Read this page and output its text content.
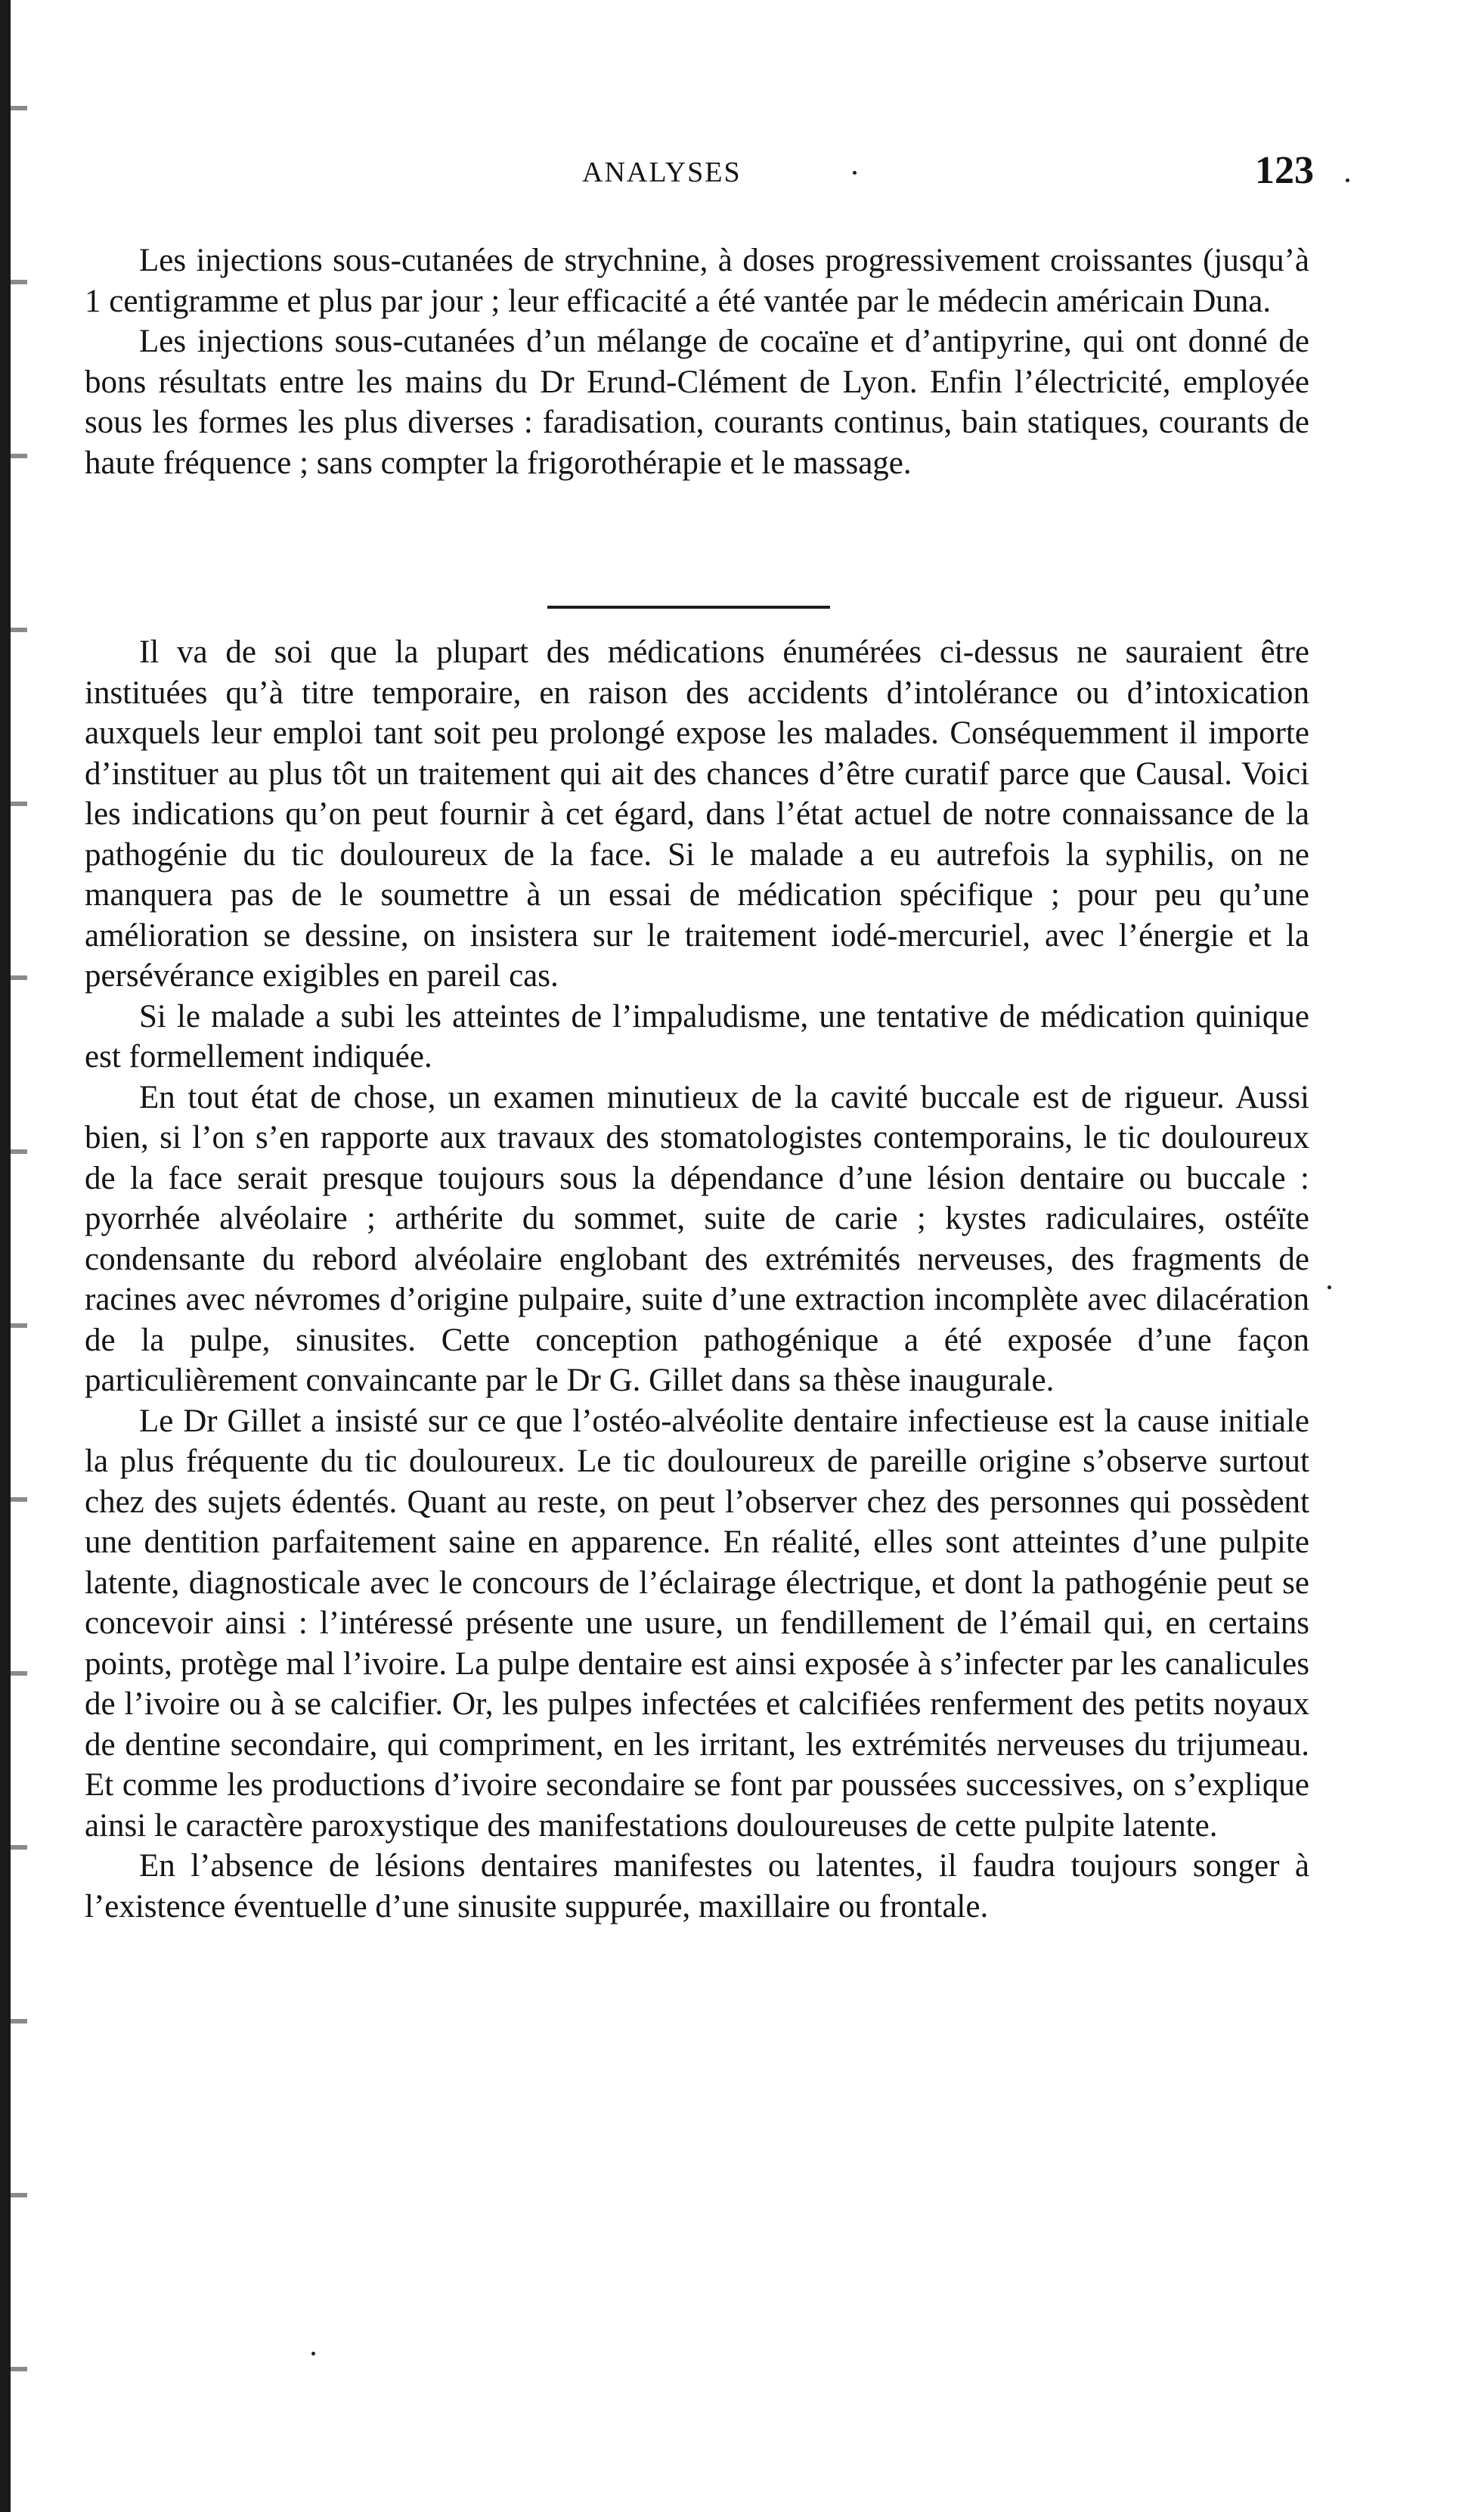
ANALYSES	123

Les injections sous-cutanées de strychnine, à doses progressivement croissantes (jusqu’à 1 centigramme et plus par jour ; leur efficacité a été vantée par le médecin américain Duna.

Les injections sous-cutanées d’un mélange de cocaïne et d’antipyrine, qui ont donné de bons résultats entre les mains du Dr Erund-Clément de Lyon. Enfin l’électricité, employée sous les formes les plus diverses : faradisation, courants continus, bain statiques, courants de haute fréquence ; sans compter la frigorothérapie et le massage.

Il va de soi que la plupart des médications énumérées ci-dessus ne sauraient être instituées qu’à titre temporaire, en raison des accidents d’intolérance ou d’intoxication auxquels leur emploi tant soit peu prolongé expose les malades. Conséquemment il importe d’instituer au plus tôt un traitement qui ait des chances d’être curatif parce que Causal. Voici les indications qu’on peut fournir à cet égard, dans l’état actuel de notre connaissance de la pathogénie du tic douloureux de la face. Si le malade a eu autrefois la syphilis, on ne manquera pas de le soumettre à un essai de médication spécifique ; pour peu qu’une amélioration se dessine, on insistera sur le traitement iodé-mercuriel, avec l’énergie et la persévérance exigibles en pareil cas.

Si le malade a subi les atteintes de l’impaludisme, une tentative de médication quinique est formellement indiquée.

En tout état de chose, un examen minutieux de la cavité buccale est de rigueur. Aussi bien, si l’on s’en rapporte aux travaux des stomatologistes contemporains, le tic douloureux de la face serait presque toujours sous la dépendance d’une lésion dentaire ou buccale : pyorrhée alvéolaire ; arthérite du sommet, suite de carie ; kystes radiculaires, ostéïte condensante du rebord alvéolaire englobant des extrémités nerveuses, des fragments de racines avec névromes d’origine pulpaire, suite d’une extraction incomplète avec dilacération de la pulpe, sinusites. Cette conception pathogénique a été exposée d’une façon particulièrement convaincante par le Dr G. Gillet dans sa thèse inaugurale.

Le Dr Gillet a insisté sur ce que l’ostéo-alvéolite dentaire infectieuse est la cause initiale la plus fréquente du tic douloureux. Le tic douloureux de pareille origine s’observe surtout chez des sujets édentés. Quant au reste, on peut l’observer chez des personnes qui possèdent une dentition parfaitement saine en apparence. En réalité, elles sont atteintes d’une pulpite latente, diagnosticale avec le concours de l’éclairage électrique, et dont la pathogénie peut se concevoir ainsi : l’intéressé présente une usure, un fendillement de l’émail qui, en certains points, protège mal l’ivoire. La pulpe dentaire est ainsi exposée à s’infecter par les canalicules de l’ivoire ou à se calcifier. Or, les pulpes infectées et calcifiées renferment des petits noyaux de dentine secondaire, qui compriment, en les irritant, les extrémités nerveuses du trijumeau. Et comme les productions d’ivoire secondaire se font par poussées successives, on s’explique ainsi le caractère paroxystique des manifestations douloureuses de cette pulpite latente.

En l’absence de lésions dentaires manifestes ou latentes, il faudra toujours songer à l’existence éventuelle d’une sinusite suppurée, maxillaire ou frontale.
